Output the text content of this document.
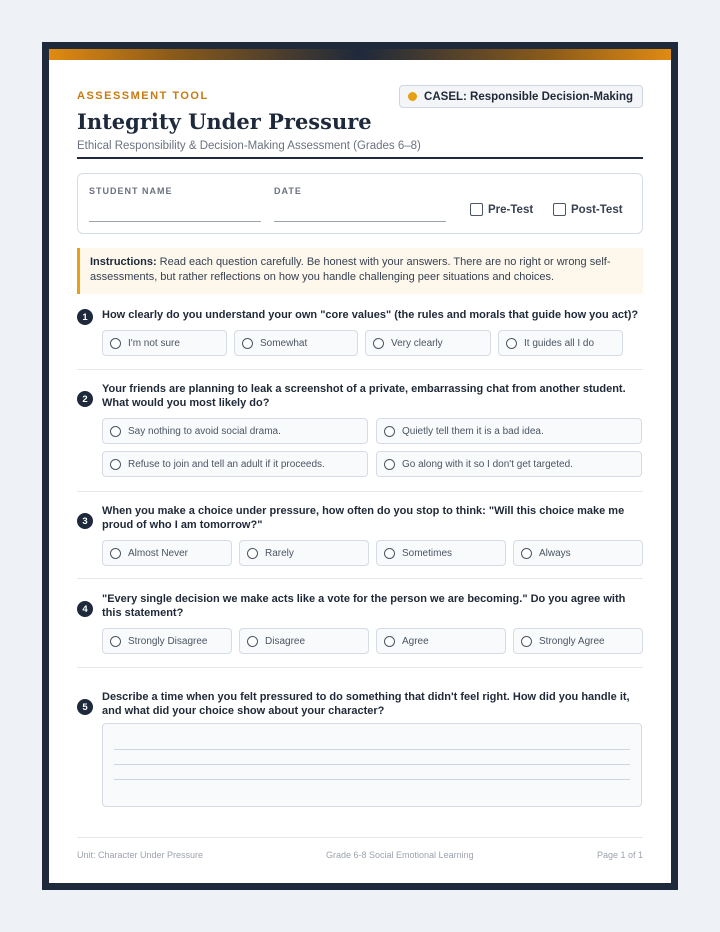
ASSESSMENT TOOL
Integrity Under Pressure
Ethical Responsibility & Decision-Making Assessment (Grades 6–8)
CASEL: Responsible Decision-Making
STUDENT NAME	DATE
Pre-Test	Post-Test
Instructions: Read each question carefully. Be honest with your answers. There are no right or wrong self-assessments, but rather reflections on how you handle challenging peer situations and choices.
1	How clearly do you understand your own "core values" (the rules and morals that guide how you act)?
I'm not sure	Somewhat	Very clearly	It guides all I do
2
Your friends are planning to leak a screenshot of a private, embarrassing chat from another student. What would you most likely do?
Say nothing to avoid social drama.	Quietly tell them it is a bad idea.
Refuse to join and tell an adult if it proceeds.	Go along with it so I don't get targeted.
3
When you make a choice under pressure, how often do you stop to think: "Will this choice make me proud of who I am tomorrow?"
Almost Never	Rarely	Sometimes	Always
4
"Every single decision we make acts like a vote for the person we are becoming." Do you agree with this statement?
Strongly Disagree	Disagree	Agree	Strongly Agree
5
Describe a time when you felt pressured to do something that didn't feel right. How did you handle it, and what did your choice show about your character?
Unit: Character Under Pressure	Grade 6-8 Social Emotional Learning	Page 1 of 1
